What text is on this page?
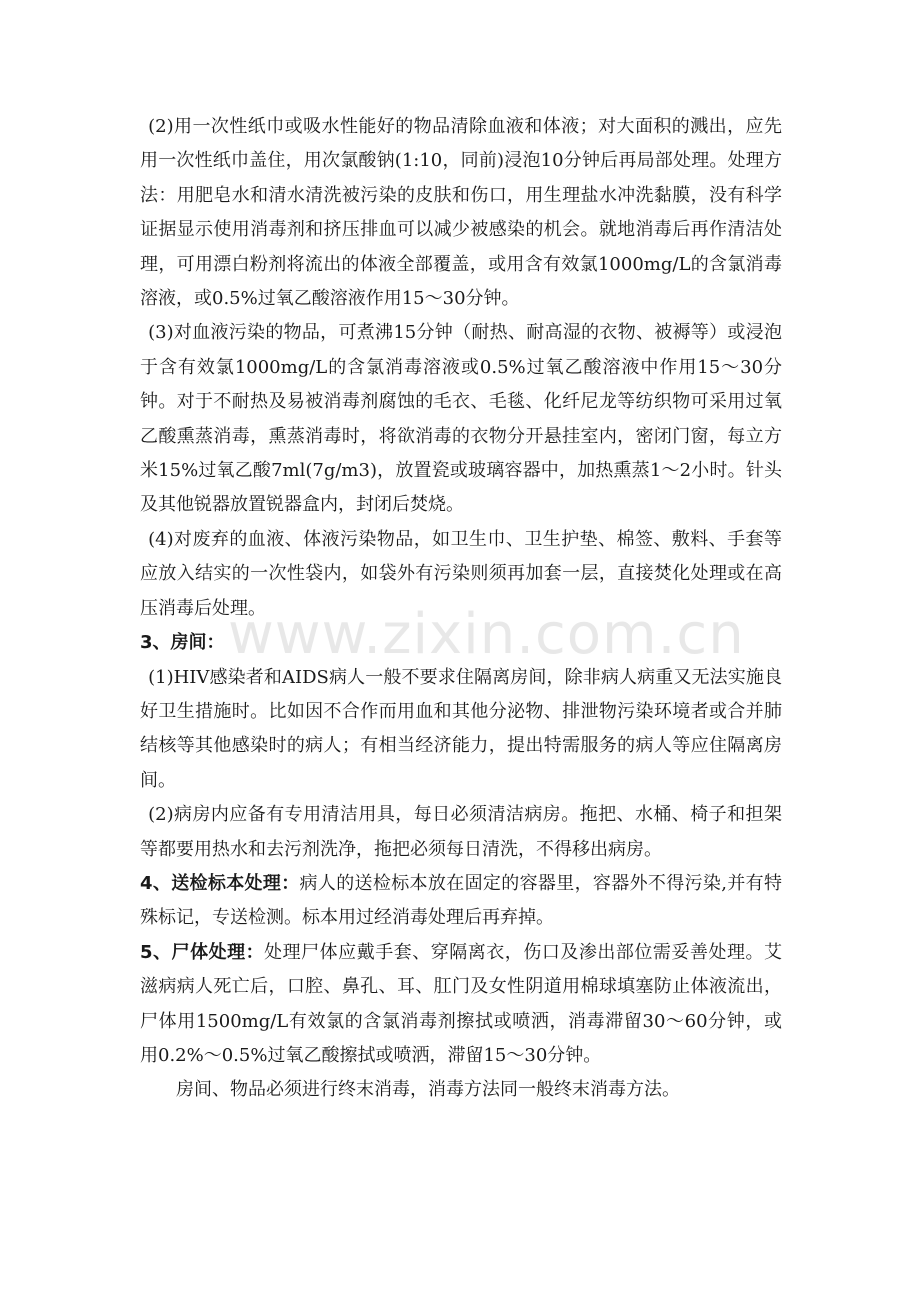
(2)用一次性纸巾或吸水性能好的物品清除血液和体液；对大面积的溅出，应先用一次性纸巾盖住，用次氯酸钠(1:10，同前)浸泡10分钟后再局部处理。处理方法：用肥皂水和清水清洗被污染的皮肤和伤口，用生理盐水冲洗黏膜，没有科学证据显示使用消毒剂和挤压排血可以减少被感染的机会。就地消毒后再作清洁处理，可用漂白粉剂将流出的体液全部覆盖，或用含有效氯1000mg/L的含氯消毒溶液，或0.5%过氧乙酸溶液作用15～30分钟。

(3)对血液污染的物品，可煮沸15分钟（耐热、耐高湿的衣物、被褥等）或浸泡于含有效氯1000mg/L的含氯消毒溶液或0.5%过氧乙酸溶液中作用15～30分钟。对于不耐热及易被消毒剂腐蚀的毛衣、毛毯、化纤尼龙等纺织物可采用过氧乙酸熏蒸消毒，熏蒸消毒时，将欲消毒的衣物分开悬挂室内，密闭门窗，每立方米15%过氧乙酸7ml(7g/m3)，放置瓷或玻璃容器中，加热熏蒸1～2小时。针头及其他锐器放置锐器盒内，封闭后焚烧。

(4)对废弃的血液、体液污染物品，如卫生巾、卫生护垫、棉签、敷料、手套等应放入结实的一次性袋内，如袋外有污染则须再加套一层，直接焚化处理或在高压消毒后处理。

3、房间：

(1)HIV感染者和AIDS病人一般不要求住隔离房间，除非病人病重又无法实施良好卫生措施时。比如因不合作而用血和其他分泌物、排泄物污染环境者或合并肺结核等其他感染时的病人；有相当经济能力，提出特需服务的病人等应住隔离房间。

(2)病房内应备有专用清洁用具，每日必须清洁病房。拖把、水桶、椅子和担架等都要用热水和去污剂洗净，拖把必须每日清洗，不得移出病房。

4、送检标本处理：病人的送检标本放在固定的容器里，容器外不得污染,并有特殊标记，专送检测。标本用过经消毒处理后再弃掉。

5、尸体处理：处理尸体应戴手套、穿隔离衣，伤口及渗出部位需妥善处理。艾滋病病人死亡后，口腔、鼻孔、耳、肛门及女性阴道用棉球填塞防止体液流出，尸体用1500mg/L有效氯的含氯消毒剂擦拭或喷洒，消毒滞留30～60分钟，或用0.2%～0.5%过氧乙酸擦拭或喷洒，滞留15～30分钟。

房间、物品必须进行终末消毒，消毒方法同一般终末消毒方法。

www.zixin.com.cn
